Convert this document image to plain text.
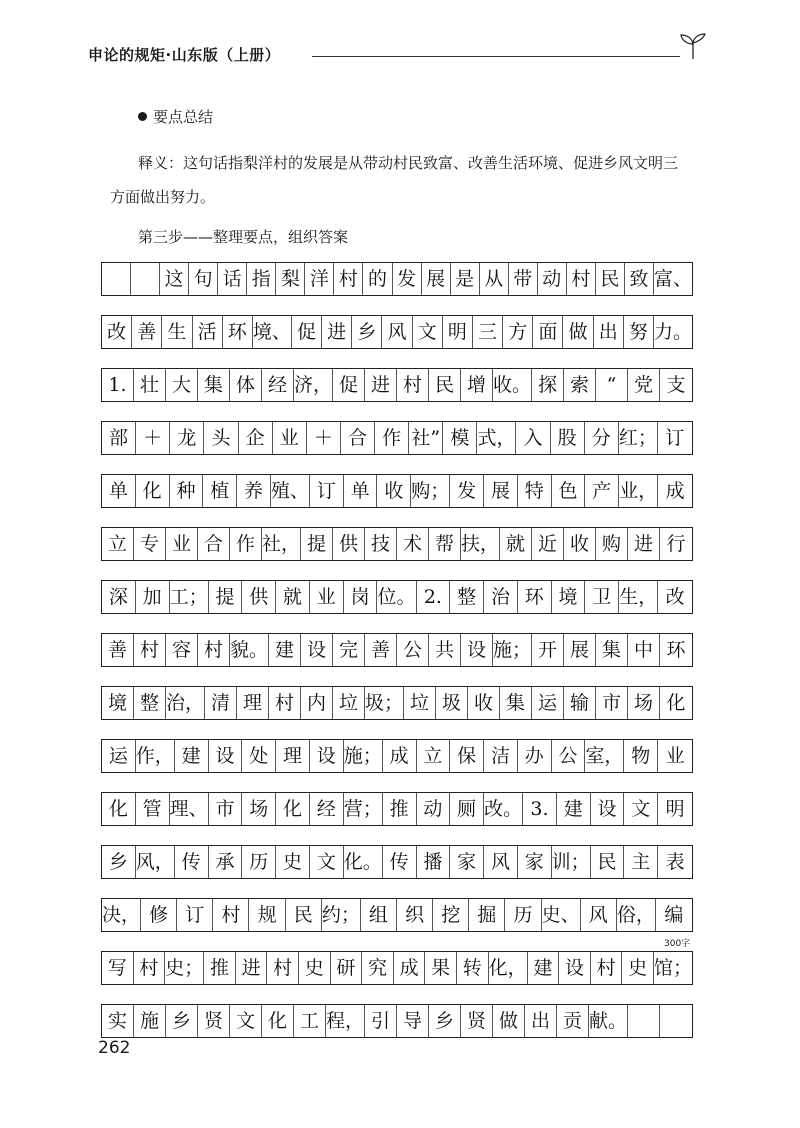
申论的规矩·山东版（上册）
要点总结
释义：这句话指梨洋村的发展是从带动村民致富、改善生活环境、促进乡风文明三方面做出努力。
第三步——整理要点，组织答案
这 句 话 指 梨 洋 村 的 发 展 是 从 带 动 村 民 致 富、
改 善 生 活 环 境、 促 进 乡 风 文 明 三 方 面 做 出 努 力。
1. 壮 大 集 体 经 济， 促 进 村 民 增 收。 探 索 “ 党 支
部 ＋ 龙 头 企 业 ＋ 合 作 社” 模 式， 入 股 分 红； 订
单 化 种 植 养 殖、 订 单 收 购； 发 展 特 色 产 业， 成
立 专 业 合 作 社， 提 供 技 术 帮 扶， 就 近 收 购 进 行
深 加 工； 提 供 就 业 岗 位。 2. 整 治 环 境 卫 生， 改
善 村 容 村 貌。 建 设 完 善 公 共 设 施； 开 展 集 中 环
境 整 治， 清 理 村 内 垃 圾； 垃 圾 收 集 运 输 市 场 化
运 作， 建 设 处 理 设 施； 成 立 保 洁 办 公 室， 物 业
化 管 理、 市 场 化 经 营； 推 动 厕 改。 3. 建 设 文 明
乡 风， 传 承 历 史 文 化。 传 播 家 风 家 训； 民 主 表
决， 修 订 村 规 民 约； 组 织 挖 掘 历 史、 风 俗， 编
写 村 史； 推 进 村 史 研 究 成 果 转 化， 建 设 村 史 馆；
实 施 乡 贤 文 化 工 程， 引 导 乡 贤 做 出 贡 献。
300字
262
